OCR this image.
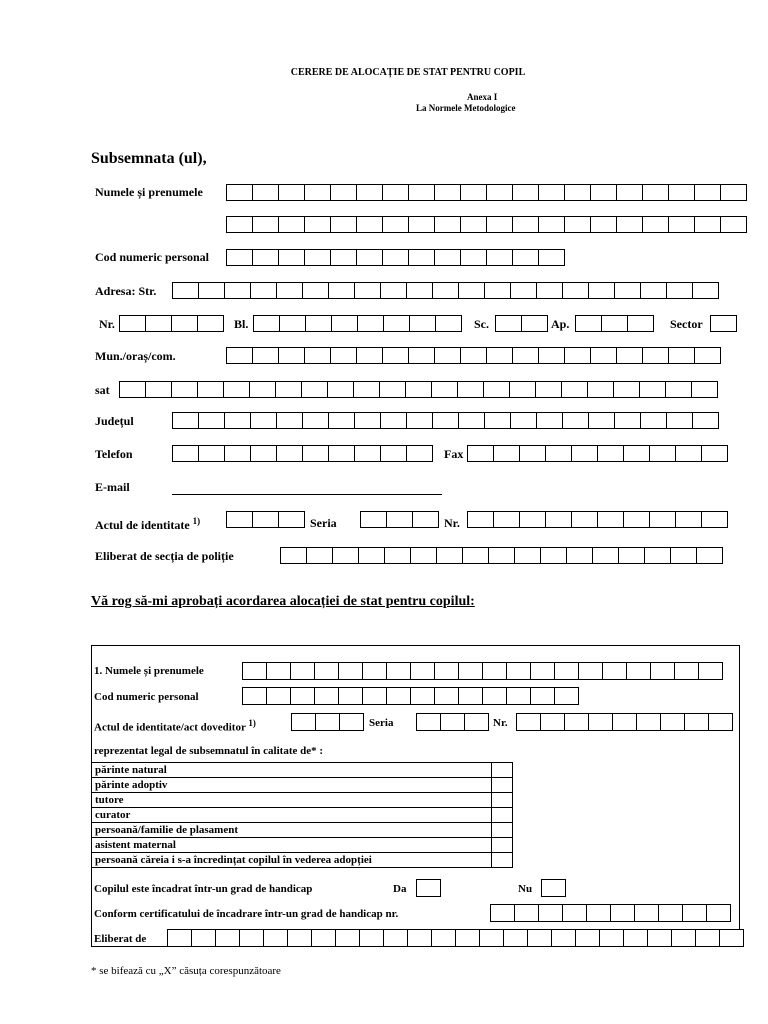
CERERE DE ALOCAȚIE DE STAT PENTRU COPIL
Anexa I
La Normele Metodologice
Subsemnata (ul),
Numele și prenumele
Cod numeric personal
Adresa: Str.
Nr.	Bl.	Sc.	Ap.	Sector
Mun./oraș/com.
sat
Județul
Telefon	Fax
E-mail
Actul de identitate $^{1)}$	Seria	Nr.
Eliberat de secția de poliție
Vă rog să-mi aprobați acordarea alocației de stat pentru copilul:
1. Numele și prenumele
Cod numeric personal
Actul de identitate/act doveditor $^{1)}$	Seria	Nr.
reprezentat legal de subsemnatul în calitate de* :
părinte natural	
părinte adoptiv	
tutore	
curator	
persoană/familie de plasament	
asistent maternal	
persoană căreia i s-a încredințat copilul în vederea adopției	
Copilul este încadrat într-un grad de handicap	Da	Nu
Conform certificatului de încadrare într-un grad de handicap nr.
Eliberat de
* se bifează cu „X” căsuța corespunzătoare
